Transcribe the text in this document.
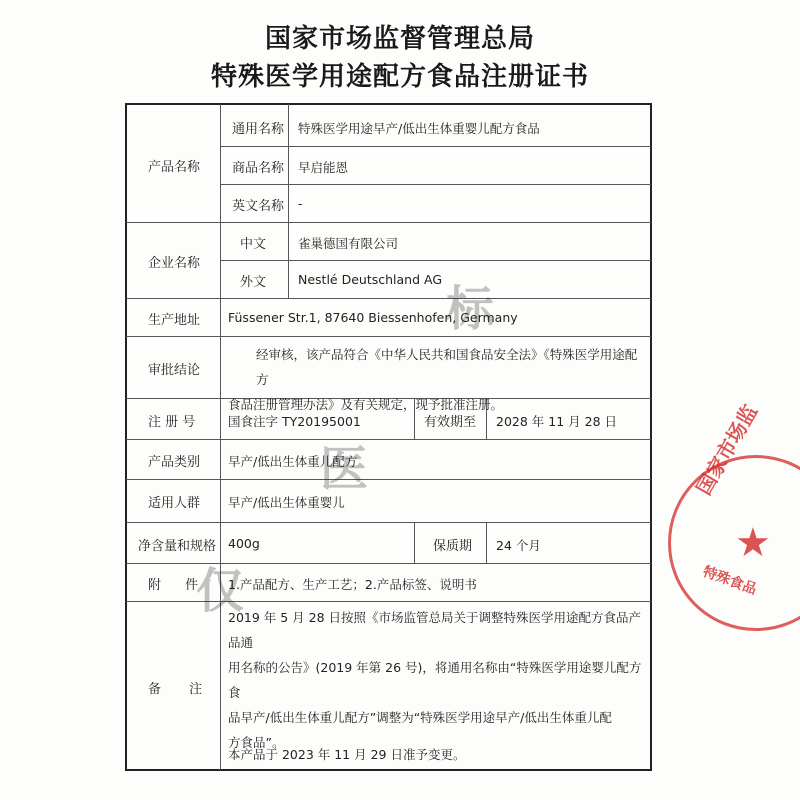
国家市场监督管理总局
特殊医学用途配方食品注册证书
产品名称
通用名称 特殊医学用途早产/低出生体重婴儿配方食品
商品名称 早启能恩
英文名称 -
企业名称
中文	雀巢德国有限公司
外文	Nestlé Deutschland AG
生产地址 Füssener Str.1, 87640 Biessenhofen, Germany
审批结论
经审核，该产品符合《中华人民共和国食品安全法》《特殊医学用途配方
食品注册管理办法》及有关规定，现予批准注册。
注 册 号	国食注字 TY20195001	有效期至 2028 年 11 月 28 日
产品类别 早产/低出生体重儿配方
适用人群 早产/低出生体重婴儿
净含量和规格 400g	保质期 24 个月
附 件 1.产品配方、生产工艺；2.产品标签、说明书
备 注
2019 年 5 月 28 日按照《市场监管总局关于调整特殊医学用途配方食品产品通
用名称的公告》(2019 年第 26 号)，将通用名称由“特殊医学用途婴儿配方食
品早产/低出生体重儿配方”调整为“特殊医学用途早产/低出生体重儿配
方食品”。
本产品于 2023 年 11 月 29 日准予变更。
仅
医
标
★
国家市场监
特殊食品
